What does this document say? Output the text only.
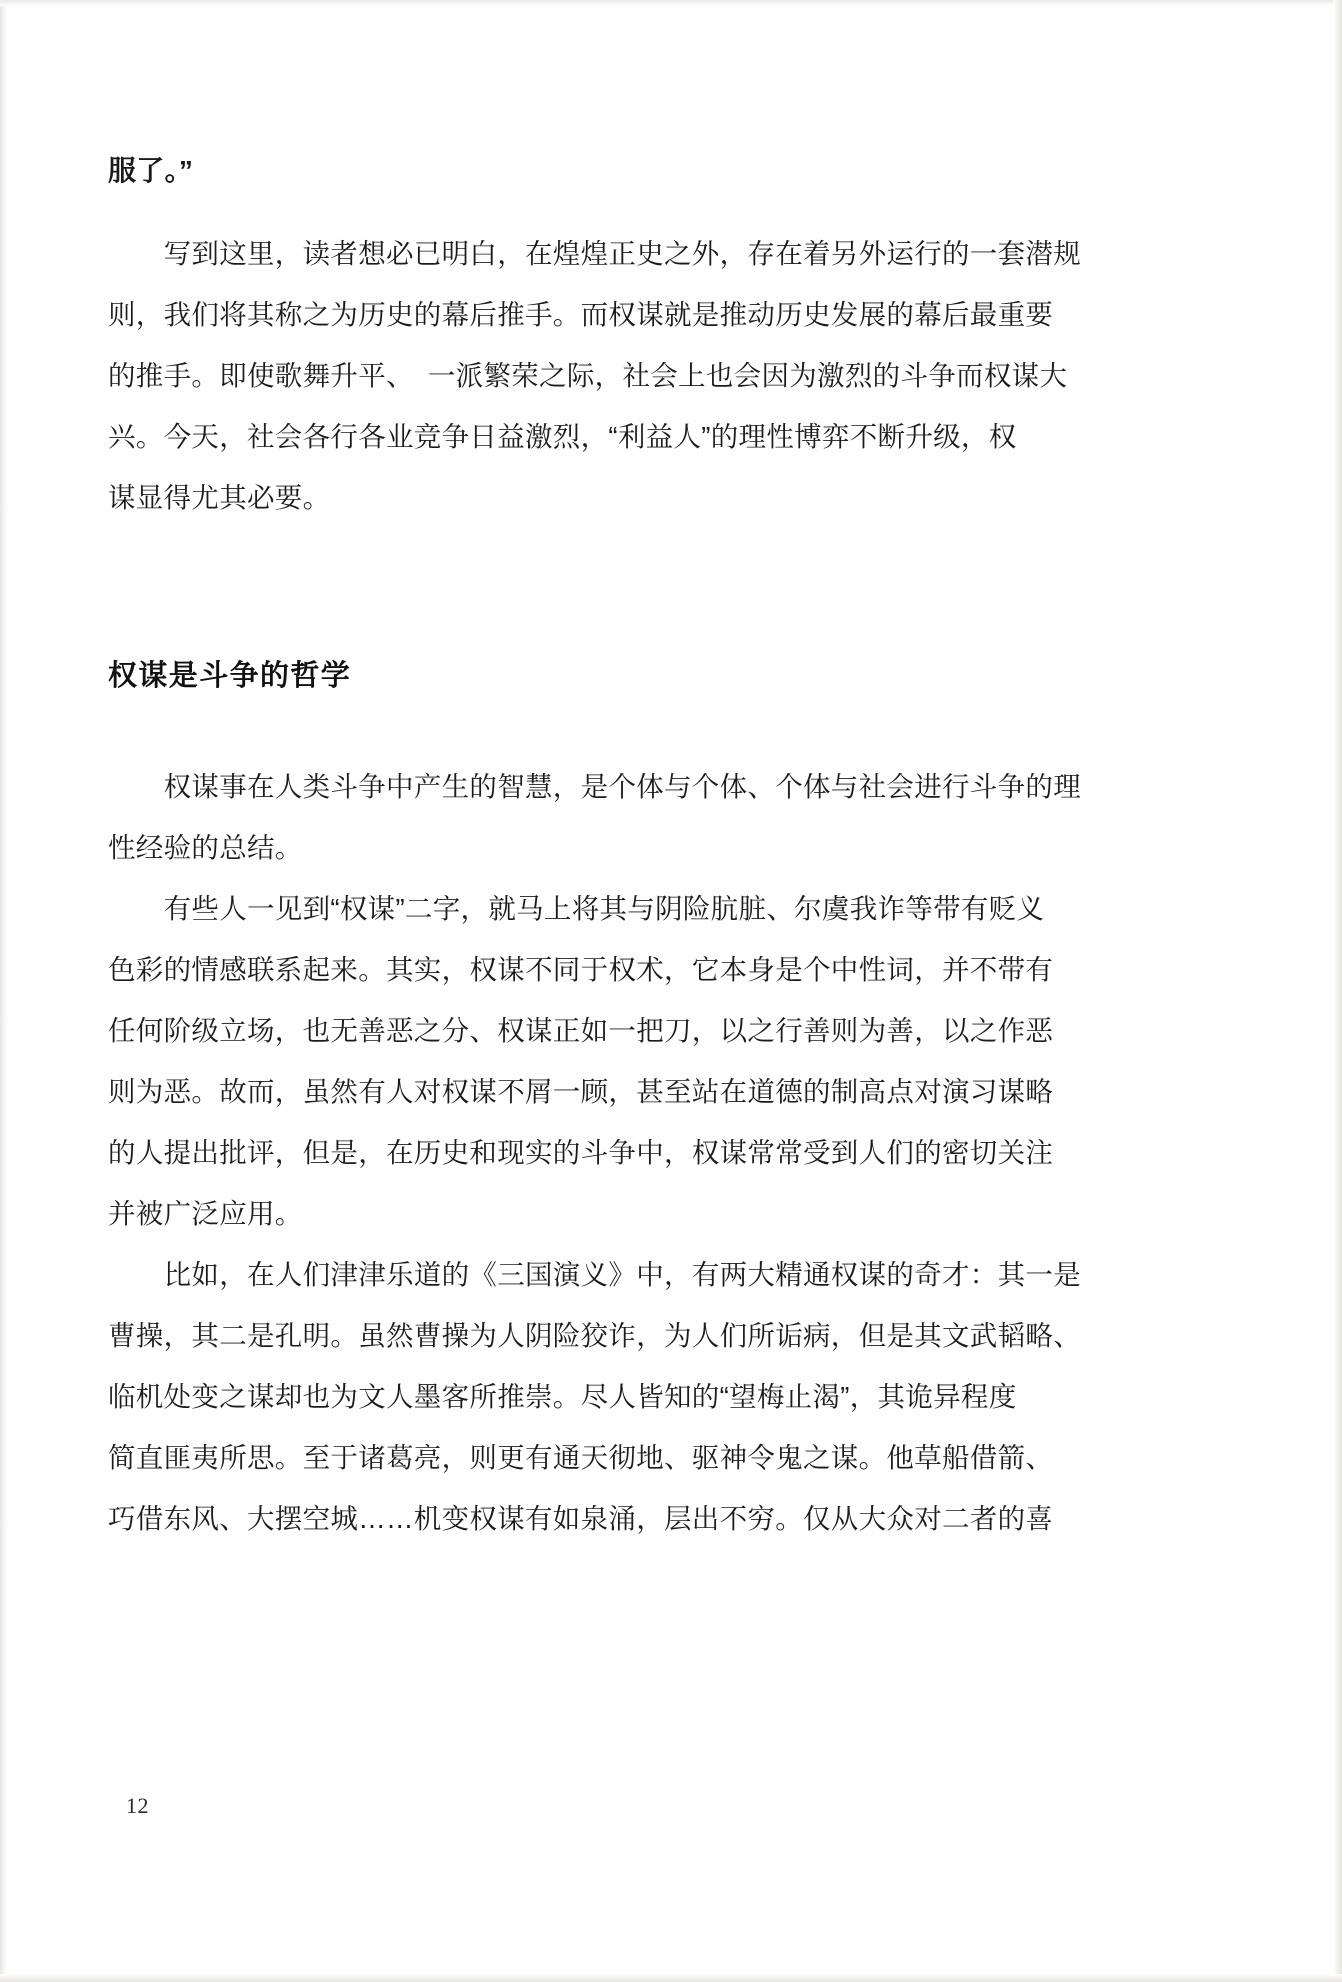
服了。”
　　写到这里，读者想必已明白，在煌煌正史之外，存在着另外运行的一套潜规
则，我们将其称之为历史的幕后推手。而权谋就是推动历史发展的幕后最重要
的推手。即使歌舞升平、　一派繁荣之际，社会上也会因为激烈的斗争而权谋大
兴。今天，社会各行各业竞争日益激烈，“利益人”的理性博弈不断升级，权
谋显得尤其必要。
权谋是斗争的哲学
　　权谋事在人类斗争中产生的智慧，是个体与个体、个体与社会进行斗争的理
性经验的总结。
　　有些人一见到“权谋”二字，就马上将其与阴险肮脏、尔虞我诈等带有贬义
色彩的情感联系起来。其实，权谋不同于权术，它本身是个中性词，并不带有
任何阶级立场，也无善恶之分、权谋正如一把刀，以之行善则为善，以之作恶
则为恶。故而，虽然有人对权谋不屑一顾，甚至站在道德的制高点对演习谋略
的人提出批评，但是，在历史和现实的斗争中，权谋常常受到人们的密切关注
并被广泛应用。
　　比如，在人们津津乐道的《三国演义》中，有两大精通权谋的奇才：其一是
曹操，其二是孔明。虽然曹操为人阴险狡诈，为人们所诟病，但是其文武韬略、
临机处变之谋却也为文人墨客所推崇。尽人皆知的“望梅止渴”，其诡异程度
简直匪夷所思。至于诸葛亮，则更有通天彻地、驱神令鬼之谋。他草船借箭、
巧借东风、大摆空城……机变权谋有如泉涌，层出不穷。仅从大众对二者的喜
12
